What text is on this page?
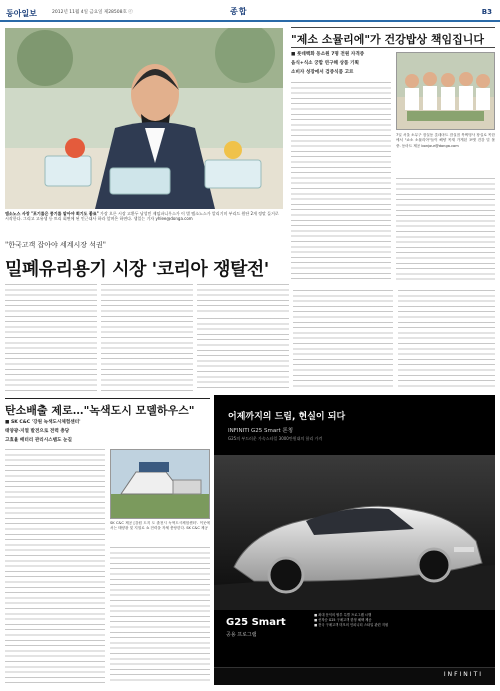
동아일보	2012년 11월 4일 금요일 제28508호 ⓒ	종합	B3
엠소노스 사장 "포기름은 콩기름 알아야 회기도 좋죠" 가장 오른 시장 고환두 남성민 제임파니우스가 이 별 엠소노스가 알리기미 부리드 원단 2개 정말 들거로 시작한다. 그리고 고유생 등 트리 회면에 된 인근대사 하라 앞며은 하연다. 생일는 기자 yhlee@donga.com
"한국고객 잡아야 세계시장 석권"
밀폐유리용기 시장 '코리아 쟁탈전'
"제소 소뮬리에"가 건강밥상 책임집니다
■ 롯데백화 동소원 7명 전원 자격증
음식+식소 궁합 연구해 상품 기획
소비자 성장에서 검증식품 고르
7일 서울 소무구 잠실동 롯데마트 잠실점 목찌멍사 장실로 목한에서 "쇼소 소뮬리아"들이 해양 목재 가게된 포맷 건강 밑 볼 중. 동마트 제공 bonjour@donga.com
탄소배출 제로…"녹색도시 모델하우스"
■ SK C&C '강원 녹색도시체험센터'
태양광·지열 발전으로 전력 충당
고효율 배터리 관리시스템도 눈길
SK C&C 제공 [강원 도지 도 춘천시 녹색도시체험센터'. 이곳에서는 태양광 및 지열로 쇼 전력을 자체 충당한다. SK C&C 제공
어제까지의 드림, 현실이 되다
INFINITI G25 Smart 론칭
G25의 부드러운 가속스타일 3000만원대의 합리 가격
G25 Smart
공용 프로그램
■ 최대 문익의 할부 특별 프로그램 시행
■ 선착순 G25 구매고객 한정 혜택 제공
■ 전국 구매고객 미모의 인피니티 스타일 관련 지원
INFINITI
